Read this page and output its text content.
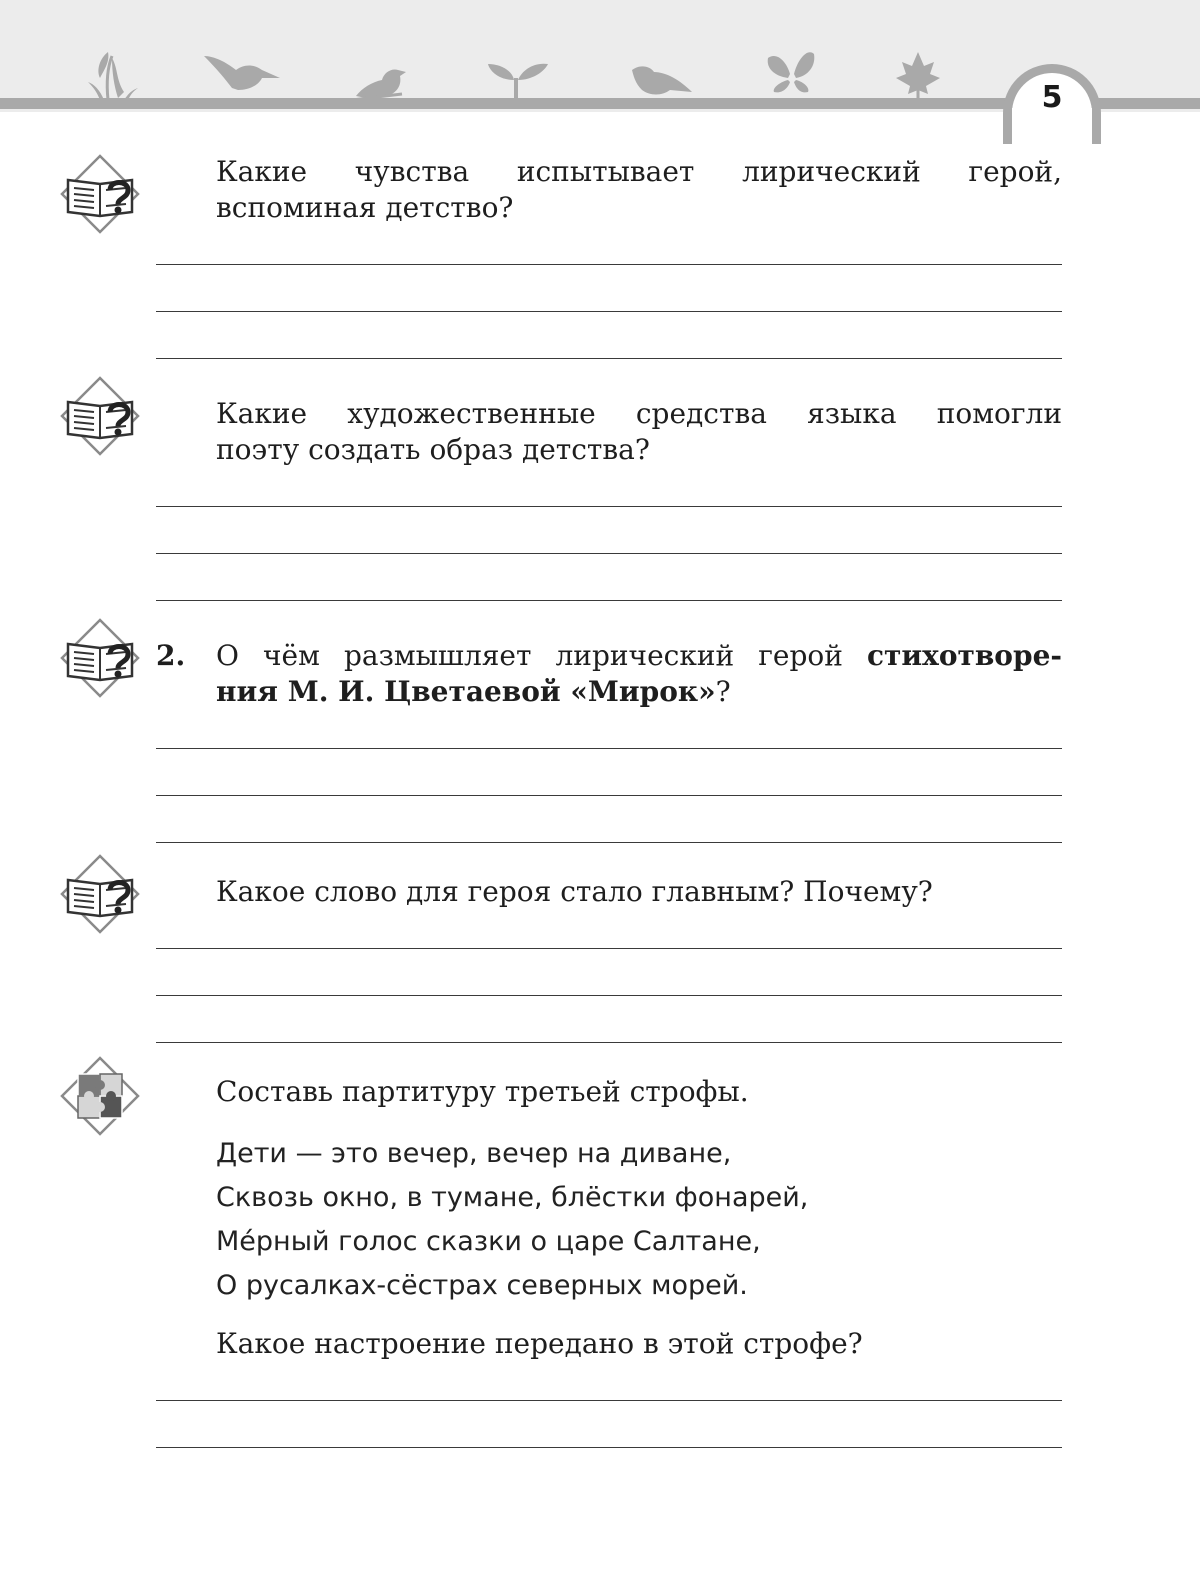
5
Какие чувства испытывает лирический герой,
вспоминая детство?
Какие художественные средства языка помогли
поэту создать образ детства?
2. О чём размышляет лирический герой стихотворе-
ния М. И. Цветаевой «Мирок»?
Какое слово для героя стало главным? Почему?
Составь партитуру третьей строфы.
Дети — это вечер, вечер на диване,
Сквозь окно, в тумане, блёстки фонарей,
Мéрный голос сказки о царе Салтане,
О русалках-сёстрах северных морей.
Какое настроение передано в этой строфе?
